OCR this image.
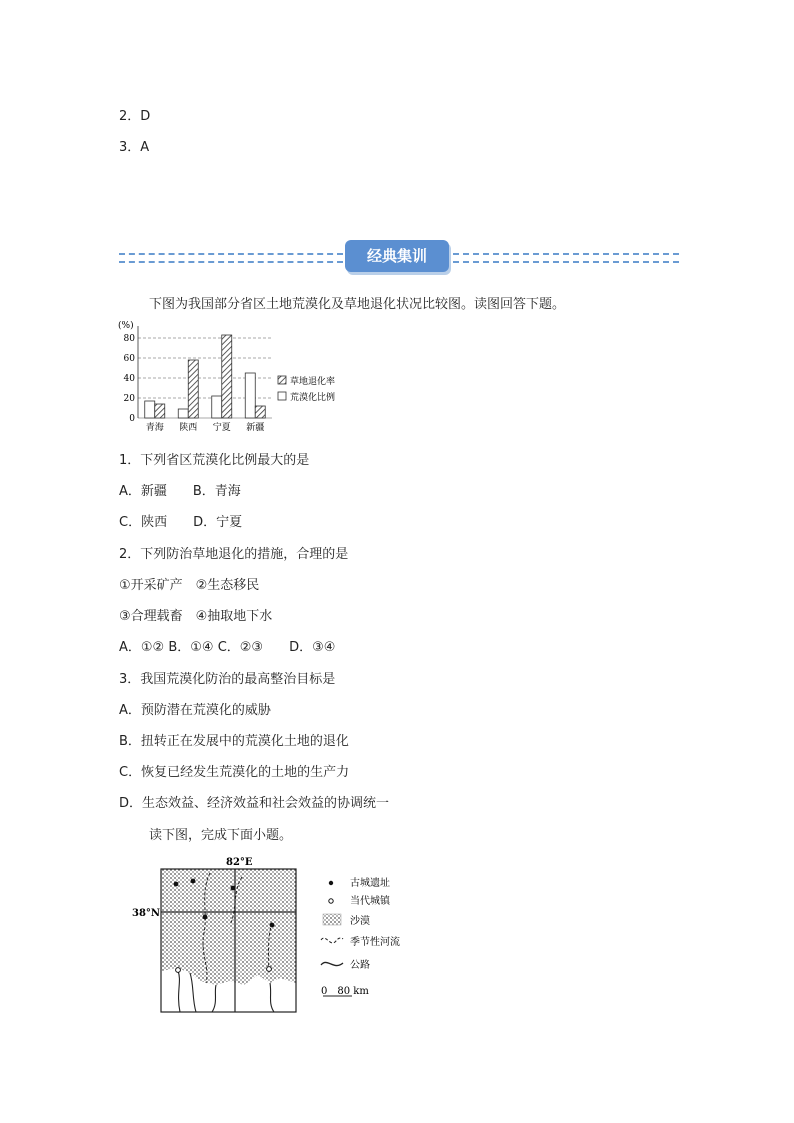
2．D
3．A
经典集训
下图为我国部分省区土地荒漠化及草地退化状况比较图。读图回答下题。
(%)
0
20
40
60
80
青海 陕西 宁夏 新疆
草地退化率
荒漠化比例
1．下列省区荒漠化比例最大的是
A．新疆　　B．青海
C．陕西　　D．宁夏
2．下列防治草地退化的措施，合理的是
①开采矿产　②生态移民
③合理载畜　④抽取地下水
A．①② B．①④ C．②③　　D．③④
3．我国荒漠化防治的最高整治目标是
A．预防潜在荒漠化的威胁
B．扭转正在发展中的荒漠化土地的退化
C．恢复已经发生荒漠化的土地的生产力
D．生态效益、经济效益和社会效益的协调统一
读下图，完成下面小题。
82°E
38°N
古城遗址
当代城镇
沙漠
季节性河流
公路
0　80 km
